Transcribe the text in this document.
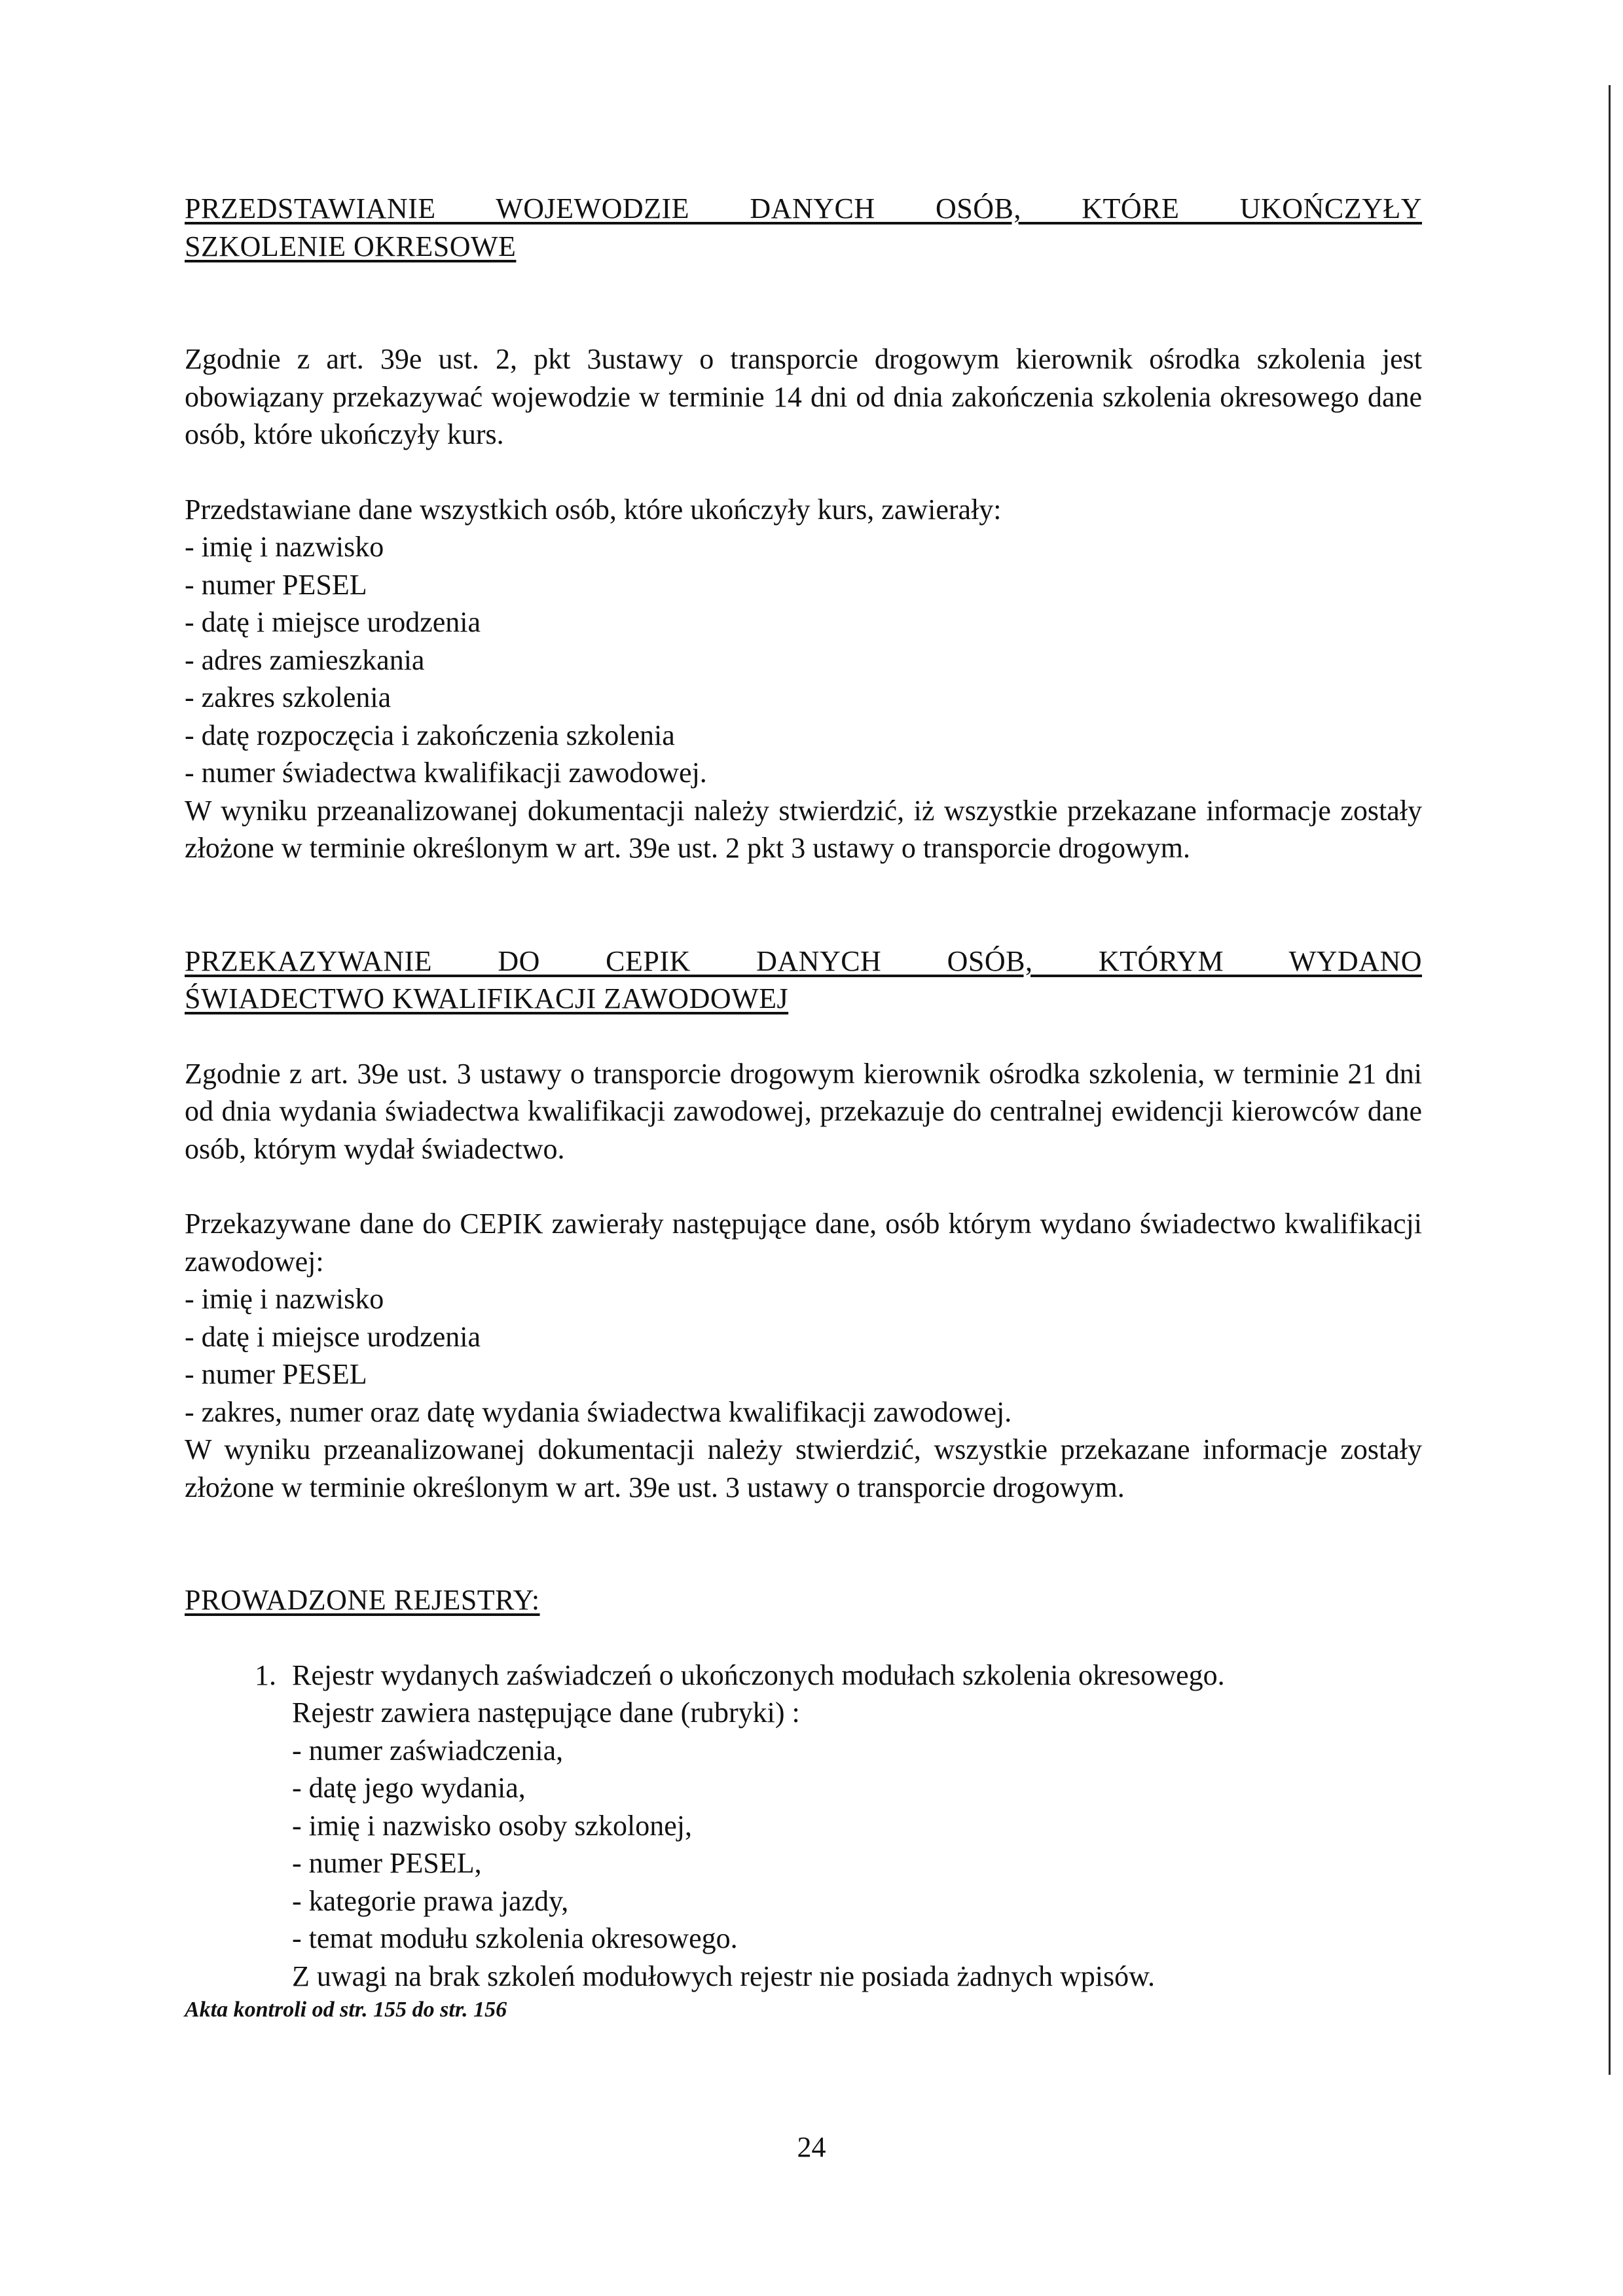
PRZEDSTAWIANIE WOJEWODZIE DANYCH OSÓB, KTÓRE UKOŃCZYŁY

SZKOLENIE OKRESOWE

Zgodnie z art. 39e ust. 2, pkt 3ustawy o transporcie drogowym kierownik ośrodka szkolenia jest obowiązany przekazywać wojewodzie w terminie 14 dni od dnia zakończenia szkolenia okresowego dane osób, które ukończyły kurs.

Przedstawiane dane wszystkich osób, które ukończyły kurs, zawierały:

- imię i nazwisko

- numer PESEL

- datę i miejsce urodzenia

- adres zamieszkania

- zakres szkolenia

- datę rozpoczęcia i zakończenia szkolenia

- numer świadectwa kwalifikacji zawodowej.

W wyniku przeanalizowanej dokumentacji należy stwierdzić, iż wszystkie przekazane informacje zostały złożone w terminie określonym w art. 39e ust. 2 pkt 3 ustawy o transporcie drogowym.

PRZEKAZYWANIE DO CEPIK DANYCH OSÓB, KTÓRYM WYDANO

ŚWIADECTWO KWALIFIKACJI ZAWODOWEJ

Zgodnie z art. 39e ust. 3 ustawy o transporcie drogowym kierownik ośrodka szkolenia, w terminie 21 dni od dnia wydania świadectwa kwalifikacji zawodowej, przekazuje do centralnej ewidencji kierowców dane osób, którym wydał świadectwo.

Przekazywane dane do CEPIK zawierały następujące dane, osób którym wydano świadectwo kwalifikacji zawodowej:

- imię i nazwisko

- datę i miejsce urodzenia

- numer PESEL

- zakres, numer oraz datę wydania świadectwa kwalifikacji zawodowej.

W wyniku przeanalizowanej dokumentacji należy stwierdzić, wszystkie przekazane informacje zostały złożone w terminie określonym w art. 39e ust. 3 ustawy o transporcie drogowym.

PROWADZONE REJESTRY:

1. Rejestr wydanych zaświadczeń o ukończonych modułach szkolenia okresowego.

Rejestr zawiera następujące dane (rubryki) :

- numer zaświadczenia,

- datę jego wydania,

- imię i nazwisko osoby szkolonej,

- numer PESEL,

- kategorie prawa jazdy,

- temat modułu szkolenia okresowego.

Z uwagi na brak szkoleń modułowych rejestr nie posiada żadnych wpisów.

Akta kontroli od str. 155 do str. 156

24
